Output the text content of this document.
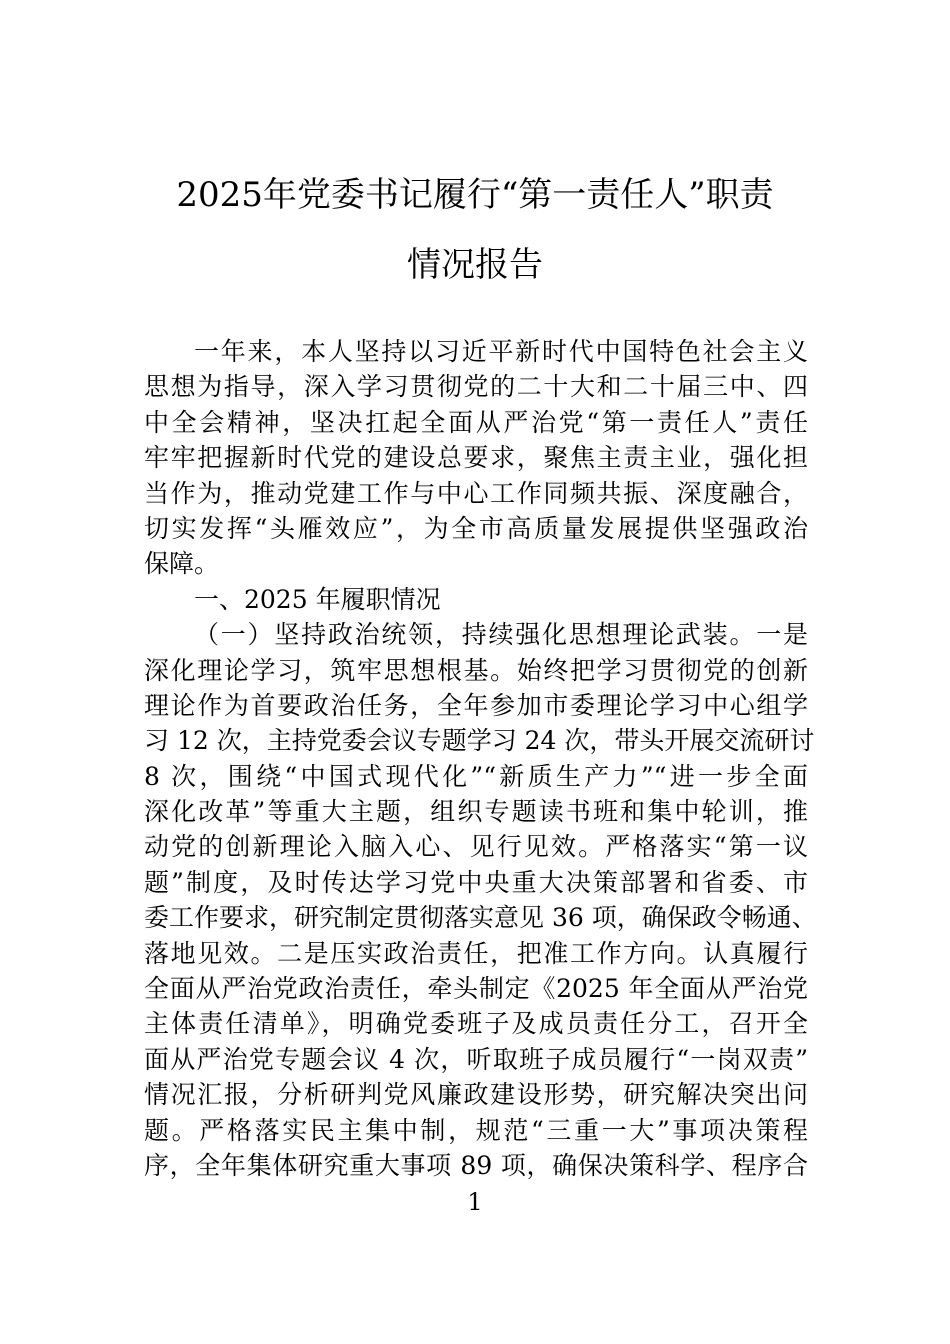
2025年党委书记履行“第一责任人”职责
情况报告
一年来，本人坚持以习近平新时代中国特色社会主义
思想为指导，深入学习贯彻党的二十大和二十届三中、四
中全会精神，坚决扛起全面从严治党“第一责任人”责任
牢牢把握新时代党的建设总要求，聚焦主责主业，强化担
当作为，推动党建工作与中心工作同频共振、深度融合，
切实发挥“头雁效应”，为全市高质量发展提供坚强政治
保障。
一、2025 年履职情况
（一）坚持政治统领，持续强化思想理论武装。一是
深化理论学习，筑牢思想根基。始终把学习贯彻党的创新
理论作为首要政治任务，全年参加市委理论学习中心组学
习 12 次，主持党委会议专题学习 24 次，带头开展交流研讨
8 次，围绕“中国式现代化”“新质生产力”“进一步全面
深化改革”等重大主题，组织专题读书班和集中轮训，推
动党的创新理论入脑入心、见行见效。严格落实“第一议
题”制度，及时传达学习党中央重大决策部署和省委、市
委工作要求，研究制定贯彻落实意见 36 项，确保政令畅通、
落地见效。二是压实政治责任，把准工作方向。认真履行
全面从严治党政治责任，牵头制定《2025 年全面从严治党
主体责任清单》，明确党委班子及成员责任分工，召开全
面从严治党专题会议 4 次，听取班子成员履行“一岗双责”
情况汇报，分析研判党风廉政建设形势，研究解决突出问
题。严格落实民主集中制，规范“三重一大”事项决策程
序，全年集体研究重大事项 89 项，确保决策科学、程序合
1
